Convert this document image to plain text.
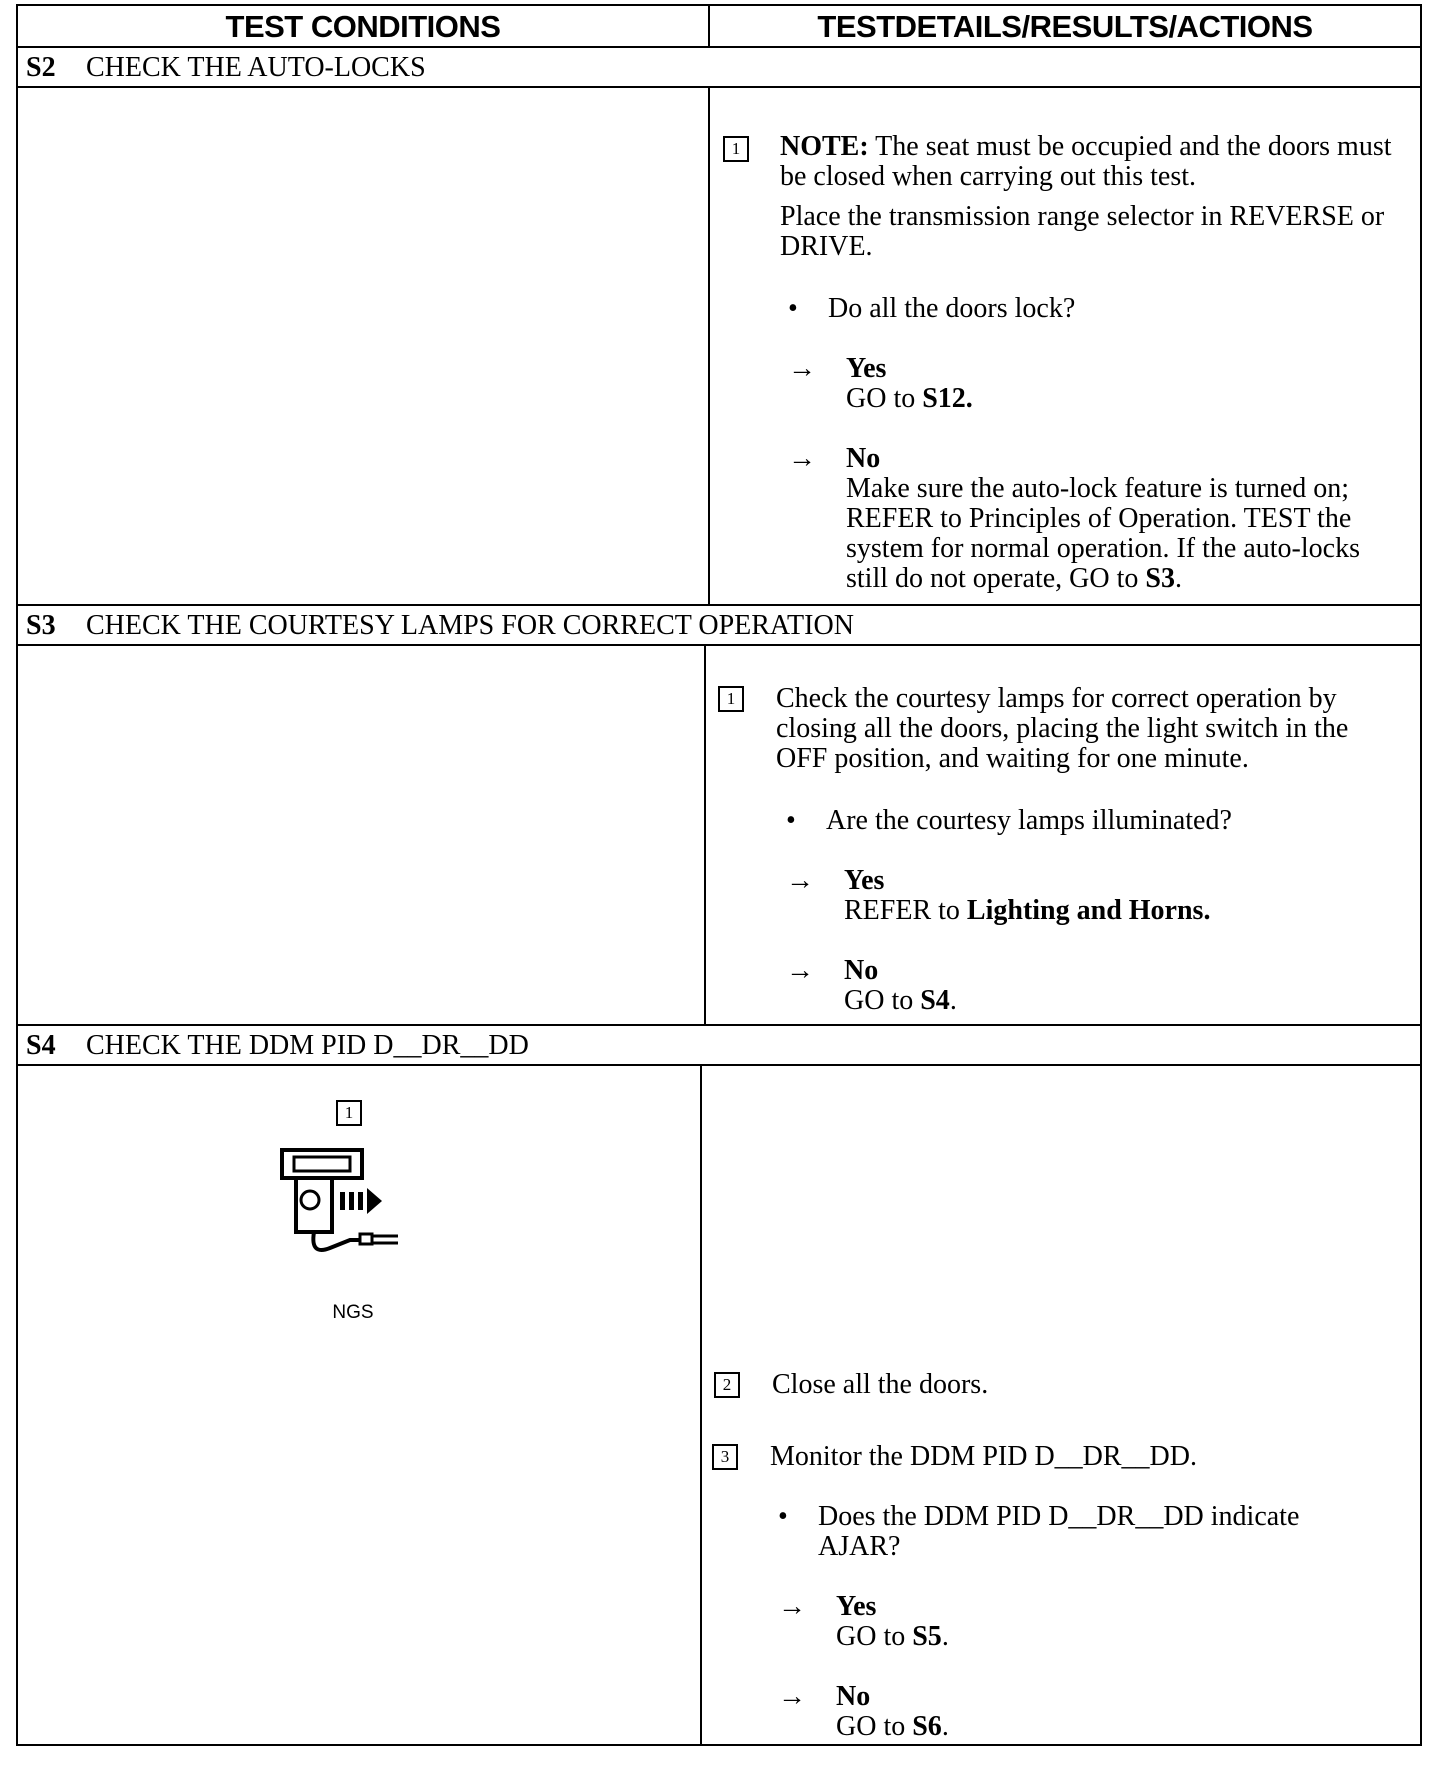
TEST CONDITIONS	TESTDETAILS/RESULTS/ACTIONS
S2 CHECK THE AUTO-LOCKS
1	NOTE: The seat must be occupied and the doors must be closed when carrying out this test.
Place the transmission range selector in REVERSE or DRIVE.
• Do all the doors lock?
→ Yes
GO to S12.
→ No
Make sure the auto-lock feature is turned on; REFER to Principles of Operation. TEST the system for normal operation. If the auto-locks still do not operate, GO to S3.
S3 CHECK THE COURTESY LAMPS FOR CORRECT OPERATION
1	Check the courtesy lamps for correct operation by closing all the doors, placing the light switch in the OFF position, and waiting for one minute.
• Are the courtesy lamps illuminated?
→ Yes
REFER to Lighting and Horns.
→ No
GO to S4.
S4 CHECK THE DDM PID D__DR__DD
1
NGS
2	Close all the doors.
3	Monitor the DDM PID D__DR__DD.
• Does the DDM PID D__DR__DD indicate AJAR?
→ Yes
GO to S5.
→ No
GO to S6.
